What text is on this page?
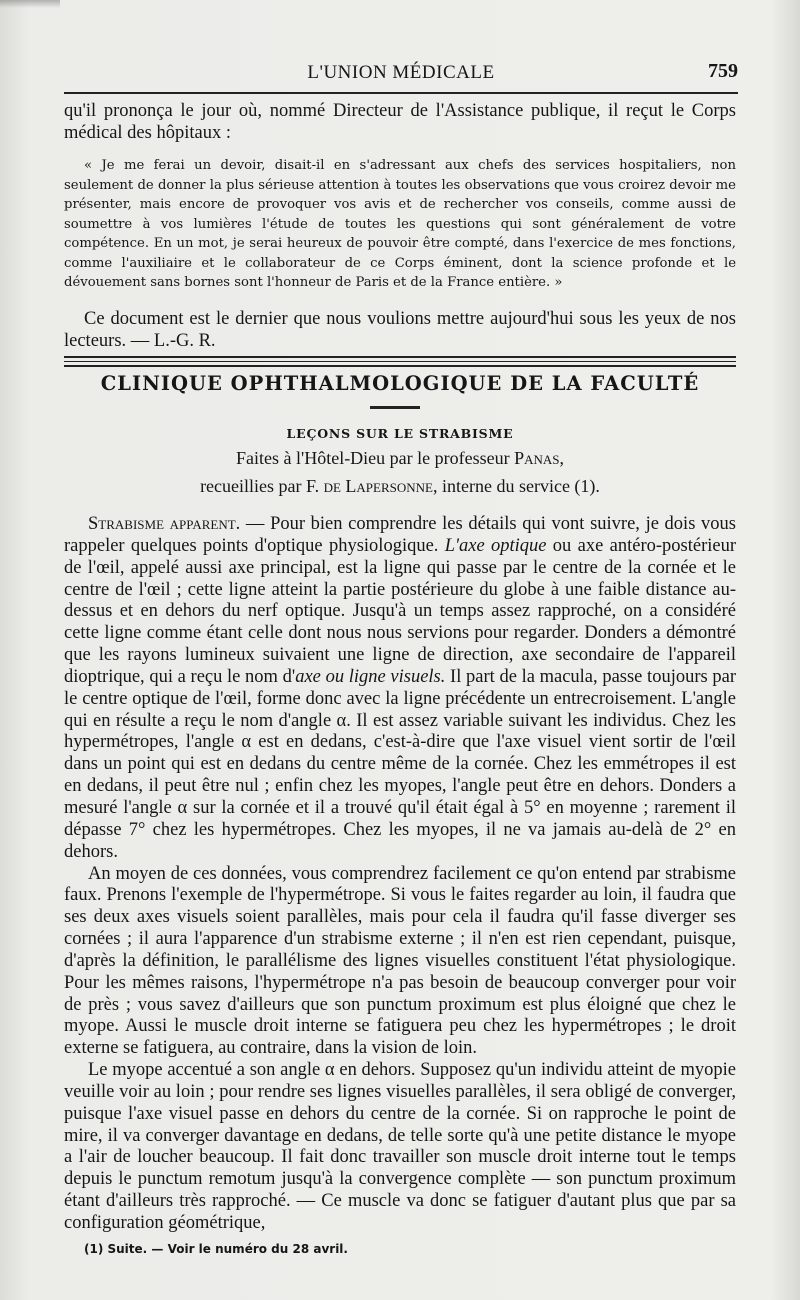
L'UNION MÉDICALE	759
qu'il prononça le jour où, nommé Directeur de l'Assistance publique, il reçut le Corps médical des hôpitaux :
« Je me ferai un devoir, disait-il en s'adressant aux chefs des services hospitaliers, non seulement de donner la plus sérieuse attention à toutes les observations que vous croirez devoir me présenter, mais encore de provoquer vos avis et de rechercher vos conseils, comme aussi de soumettre à vos lumières l'étude de toutes les questions qui sont généralement de votre compétence. En un mot, je serai heureux de pouvoir être compté, dans l'exercice de mes fonctions, comme l'auxiliaire et le collaborateur de ce Corps éminent, dont la science profonde et le dévouement sans bornes sont l'honneur de Paris et de la France entière. »
Ce document est le dernier que nous voulions mettre aujourd'hui sous les yeux de nos lecteurs. — L.-G. R.
CLINIQUE OPHTHALMOLOGIQUE DE LA FACULTÉ
LEÇONS SUR LE STRABISME
Faites à l'Hôtel-Dieu par le professeur Panas,
recueillies par F. de Lapersonne, interne du service (1).

Strabisme apparent. — Pour bien comprendre les détails qui vont suivre, je dois vous rappeler quelques points d'optique physiologique. L'axe optique ou axe antéro-postérieur de l'œil, appelé aussi axe principal, est la ligne qui passe par le centre de la cornée et le centre de l'œil ; cette ligne atteint la partie postérieure du globe à une faible distance au-dessus et en dehors du nerf optique. Jusqu'à un temps assez rapproché, on a considéré cette ligne comme étant celle dont nous nous servions pour regarder. Donders a démontré que les rayons lumineux suivaient une ligne de direction, axe secondaire de l'appareil dioptrique, qui a reçu le nom d'axe ou ligne visuels. Il part de la macula, passe toujours par le centre optique de l'œil, forme donc avec la ligne précédente un entrecroisement. L'angle qui en résulte a reçu le nom d'angle α. Il est assez variable suivant les individus. Chez les hypermétropes, l'angle α est en dedans, c'est-à-dire que l'axe visuel vient sortir de l'œil dans un point qui est en dedans du centre même de la cornée. Chez les emmétropes il est en dedans, il peut être nul ; enfin chez les myopes, l'angle peut être en dehors. Donders a mesuré l'angle α sur la cornée et il a trouvé qu'il était égal à 5° en moyenne ; rarement il dépasse 7° chez les hypermétropes. Chez les myopes, il ne va jamais au-delà de 2° en dehors.

An moyen de ces données, vous comprendrez facilement ce qu'on entend par strabisme faux. Prenons l'exemple de l'hypermétrope. Si vous le faites regarder au loin, il faudra que ses deux axes visuels soient parallèles, mais pour cela il faudra qu'il fasse diverger ses cornées ; il aura l'apparence d'un strabisme externe ; il n'en est rien cependant, puisque, d'après la définition, le parallélisme des lignes visuelles constituent l'état physiologique. Pour les mêmes raisons, l'hypermétrope n'a pas besoin de beaucoup converger pour voir de près ; vous savez d'ailleurs que son punctum proximum est plus éloigné que chez le myope. Aussi le muscle droit interne se fatiguera peu chez les hypermétropes ; le droit externe se fatiguera, au contraire, dans la vision de loin.

Le myope accentué a son angle α en dehors. Supposez qu'un individu atteint de myopie veuille voir au loin ; pour rendre ses lignes visuelles parallèles, il sera obligé de converger, puisque l'axe visuel passe en dehors du centre de la cornée. Si on rapproche le point de mire, il va converger davantage en dedans, de telle sorte qu'à une petite distance le myope a l'air de loucher beaucoup. Il fait donc travailler son muscle droit interne tout le temps depuis le punctum remotum jusqu'à la convergence complète — son punctum proximum étant d'ailleurs très rapproché. — Ce muscle va donc se fatiguer d'autant plus que par sa configuration géométrique,

(1) Suite. — Voir le numéro du 28 avril.
